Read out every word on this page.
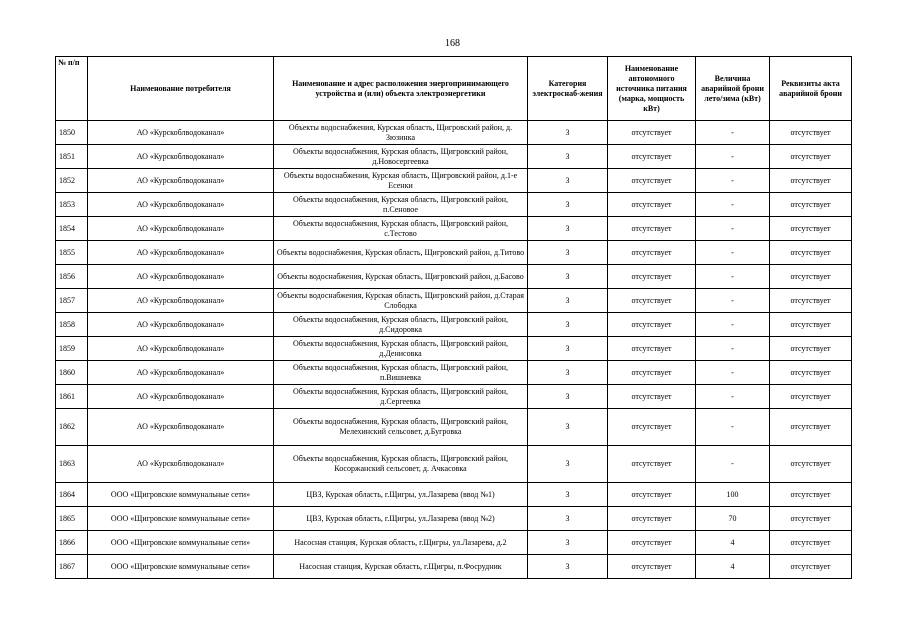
168
№ п/п	Наименование потребителя	Наименование и адрес расположения энергопринимающего устройства и (или) объекта электроэнергетики	Категория электроснаб-жения	Наименование автономного источника питания (марка, мощность кВт)	Величина аварийной брони лето/зима (кВт)	Реквизиты акта аварийной брони
1850	АО «Курскоблводоканал»	Объекты водоснабжения, Курская область, Щигровский район, д. Зюзинка	3	отсутствует	-	отсутствует
1851	АО «Курскоблводоканал»	Объекты водоснабжения, Курская область, Щигровский район, д.Новосергеевка	3	отсутствует	-	отсутствует
1852	АО «Курскоблводоканал»	Объекты водоснабжения, Курская область, Щигровский район, д.1-е Есенки	3	отсутствует	-	отсутствует
1853	АО «Курскоблводоканал»	Объекты водоснабжения, Курская область, Щигровский район, п.Сеновое	3	отсутствует	-	отсутствует
1854	АО «Курскоблводоканал»	Объекты водоснабжения, Курская область, Щигровский район, с.Тестово	3	отсутствует	-	отсутствует
1855	АО «Курскоблводоканал»	Объекты водоснабжения, Курская область, Щигровский район, д.Титово	3	отсутствует	-	отсутствует
1856	АО «Курскоблводоканал»	Объекты водоснабжения, Курская область, Щигровский район, д.Басово	3	отсутствует	-	отсутствует
1857	АО «Курскоблводоканал»	Объекты водоснабжения, Курская область, Щигровский район, д.Старая Слободка	3	отсутствует	-	отсутствует
1858	АО «Курскоблводоканал»	Объекты водоснабжения, Курская область, Щигровский район, д.Сидоровка	3	отсутствует	-	отсутствует
1859	АО «Курскоблводоканал»	Объекты водоснабжения, Курская область, Щигровский район, д.Денисовка	3	отсутствует	-	отсутствует
1860	АО «Курскоблводоканал»	Объекты водоснабжения, Курская область, Щигровский район, п.Вишневка	3	отсутствует	-	отсутствует
1861	АО «Курскоблводоканал»	Объекты водоснабжения, Курская область, Щигровский район, д.Сергеевка	3	отсутствует	-	отсутствует
1862	АО «Курскоблводоканал»	Объекты водоснабжения, Курская область, Щигровский район, Мелехинский сельсовет, д.Бугровка	3	отсутствует	-	отсутствует
1863	АО «Курскоблводоканал»	Объекты водоснабжения, Курская область, Щигровский район, Косоржанский сельсовет, д. Ачкасовка	3	отсутствует	-	отсутствует
1864	ООО «Щигровские коммунальные сети»	ЦВЗ, Курская область, г.Щигры, ул.Лазарева (ввод №1)	3	отсутствует	100	отсутствует
1865	ООО «Щигровские коммунальные сети»	ЦВЗ, Курская область, г.Щигры, ул.Лазарева (ввод №2)	3	отсутствует	70	отсутствует
1866	ООО «Щигровские коммунальные сети»	Насосная станция, Курская область, г.Щигры, ул.Лазарева, д.2	3	отсутствует	4	отсутствует
1867	ООО «Щигровские коммунальные сети»	Насосная станция, Курская область, г.Щигры, п.Фосрудник	3	отсутствует	4	отсутствует
